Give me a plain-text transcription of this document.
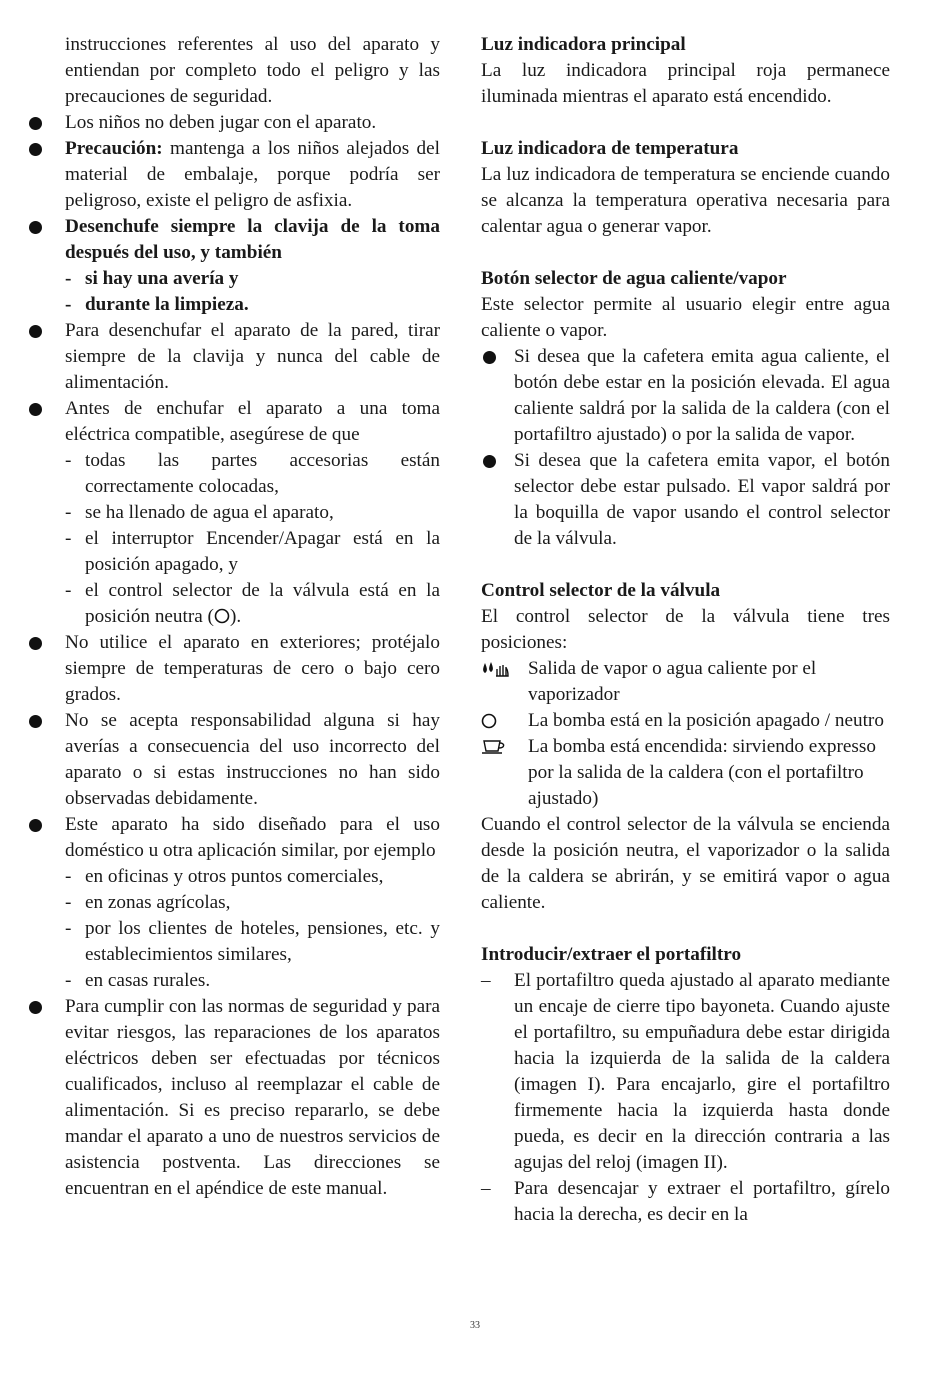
instrucciones referentes al uso del aparato y entiendan por completo todo el peligro y las precauciones de seguridad.

Los niños no deben jugar con el aparato.
Precaución: mantenga a los niños alejados del material de embalaje, porque podría ser peligroso, existe el peligro de asfixia.
Desenchufe siempre la clavija de la toma después del uso, y también
- si hay una avería y
- durante la limpieza.
Para desenchufar el aparato de la pared, tirar siempre de la clavija y nunca del cable de alimentación.
Antes de enchufar el aparato a una toma eléctrica compatible, asegúrese de que
- todas las partes accesorias están correctamente colocadas,
- se ha llenado de agua el aparato,
- el interruptor Encender/Apagar está en la posición apagado, y
- el control selector de la válvula está en la posición neutra ( ).
No utilice el aparato en exteriores; protéjalo siempre de temperaturas de cero o bajo cero grados.
No se acepta responsabilidad alguna si hay averías a consecuencia del uso incorrecto del aparato o si estas instrucciones no han sido observadas debidamente.
Este aparato ha sido diseñado para el uso doméstico u otra aplicación similar, por ejemplo
- en oficinas y otros puntos comerciales,
- en zonas agrícolas,
- por los clientes de hoteles, pensiones, etc. y establecimientos similares,
- en casas rurales.
Para cumplir con las normas de seguridad y para evitar riesgos, las reparaciones de los aparatos eléctricos deben ser efectuadas por técnicos cualificados, incluso al reemplazar el cable de alimentación. Si es preciso repararlo, se debe mandar el aparato a uno de nuestros servicios de asistencia postventa. Las direcciones se encuentran en el apéndice de este manual.

Luz indicadora principal

La luz indicadora principal roja permanece iluminada mientras el aparato está encendido.

Luz indicadora de temperatura

La luz indicadora de temperatura se enciende cuando se alcanza la temperatura operativa necesaria para calentar agua o generar vapor.

Botón selector de agua caliente/vapor

Este selector permite al usuario elegir entre agua caliente o vapor.

Si desea que la cafetera emita agua caliente, el botón debe estar en la posición elevada. El agua caliente saldrá por la salida de la caldera (con el portafiltro ajustado) o por la salida de vapor.
Si desea que la cafetera emita vapor, el botón selector debe estar pulsado. El vapor saldrá por la boquilla de vapor usando el control selector de la válvula.

Control selector de la válvula

El control selector de la válvula tiene tres posiciones:

Salida de vapor o agua caliente por el vaporizador
La bomba está en la posición apagado / neutro
La bomba está encendida: sirviendo expresso por la salida de la caldera (con el portafiltro ajustado)

Cuando el control selector de la válvula se encienda desde la posición neutra, el vaporizador o la salida de la caldera se abrirán, y se emitirá vapor o agua caliente.

Introducir/extraer el portafiltro

– El portafiltro queda ajustado al aparato mediante un encaje de cierre tipo bayoneta. Cuando ajuste el portafiltro, su empuñadura debe estar dirigida hacia la izquierda de la salida de la caldera (imagen I). Para encajarlo, gire el portafiltro firmemente hacia la izquierda hasta donde pueda, es decir en la dirección contraria a las agujas del reloj (imagen II).
– Para desencajar y extraer el portafiltro, gírelo hacia la derecha, es decir en la
33
